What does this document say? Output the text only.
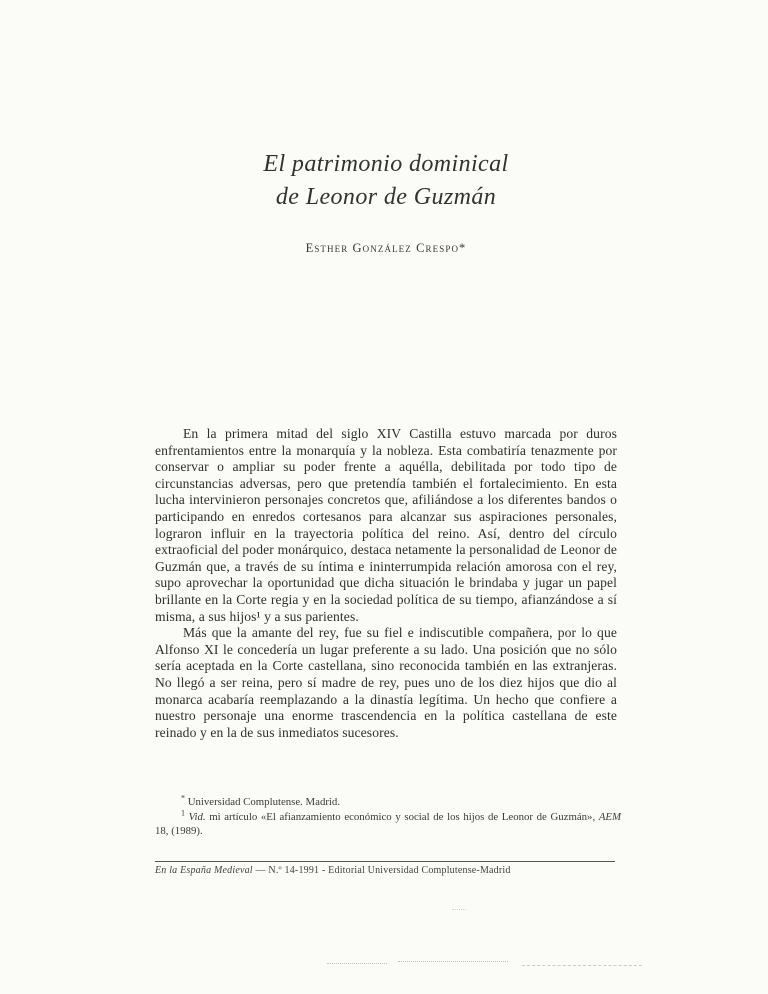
El patrimonio dominical
de Leonor de Guzmán
Esther González Crespo*

En la primera mitad del siglo XIV Castilla estuvo marcada por duros enfrentamientos entre la monarquía y la nobleza. Esta combatiría tenazmente por conservar o ampliar su poder frente a aquélla, debilitada por todo tipo de circunstancias adversas, pero que pretendía también el fortalecimiento. En esta lucha intervinieron personajes concretos que, afiliándose a los diferentes bandos o participando en enredos cortesanos para alcanzar sus aspiraciones personales, lograron influir en la trayectoria política del reino. Así, dentro del círculo extraoficial del poder monárquico, destaca netamente la personalidad de Leonor de Guzmán que, a través de su íntima e ininterrumpida relación amorosa con el rey, supo aprovechar la oportunidad que dicha situación le brindaba y jugar un papel brillante en la Corte regia y en la sociedad política de su tiempo, afianzándose a sí misma, a sus hijos¹ y a sus parientes.

Más que la amante del rey, fue su fiel e indiscutible compañera, por lo que Alfonso XI le concedería un lugar preferente a su lado. Una posición que no sólo sería aceptada en la Corte castellana, sino reconocida también en las extranjeras. No llegó a ser reina, pero sí madre de rey, pues uno de los diez hijos que dio al monarca acabaría reemplazando a la dinastía legítima. Un hecho que confiere a nuestro personaje una enorme trascendencia en la política castellana de este reinado y en la de sus inmediatos sucesores.

* Universidad Complutense. Madrid.
$^1$ Vid. mi artículo «El afianzamiento económico y social de los hijos de Leonor de Guzmán», AEM 18, (1989).
En la España Medieval — N.º 14-1991 - Editorial Universidad Complutense-Madrid
